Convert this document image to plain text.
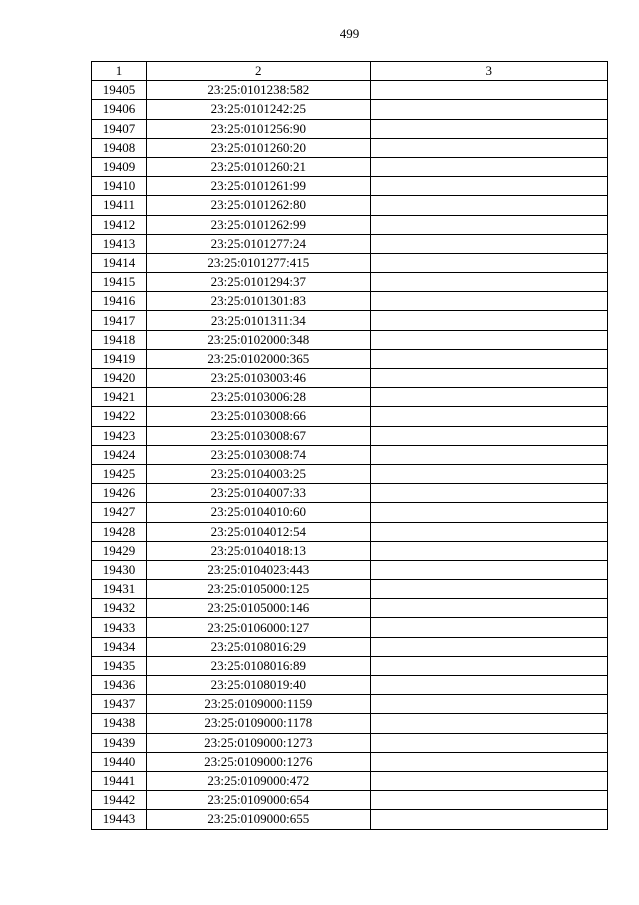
499
1	2	3
19405	23:25:0101238:582	
19406	23:25:0101242:25	
19407	23:25:0101256:90	
19408	23:25:0101260:20	
19409	23:25:0101260:21	
19410	23:25:0101261:99	
19411	23:25:0101262:80	
19412	23:25:0101262:99	
19413	23:25:0101277:24	
19414	23:25:0101277:415	
19415	23:25:0101294:37	
19416	23:25:0101301:83	
19417	23:25:0101311:34	
19418	23:25:0102000:348	
19419	23:25:0102000:365	
19420	23:25:0103003:46	
19421	23:25:0103006:28	
19422	23:25:0103008:66	
19423	23:25:0103008:67	
19424	23:25:0103008:74	
19425	23:25:0104003:25	
19426	23:25:0104007:33	
19427	23:25:0104010:60	
19428	23:25:0104012:54	
19429	23:25:0104018:13	
19430	23:25:0104023:443	
19431	23:25:0105000:125	
19432	23:25:0105000:146	
19433	23:25:0106000:127	
19434	23:25:0108016:29	
19435	23:25:0108016:89	
19436	23:25:0108019:40	
19437	23:25:0109000:1159	
19438	23:25:0109000:1178	
19439	23:25:0109000:1273	
19440	23:25:0109000:1276	
19441	23:25:0109000:472	
19442	23:25:0109000:654	
19443	23:25:0109000:655	
